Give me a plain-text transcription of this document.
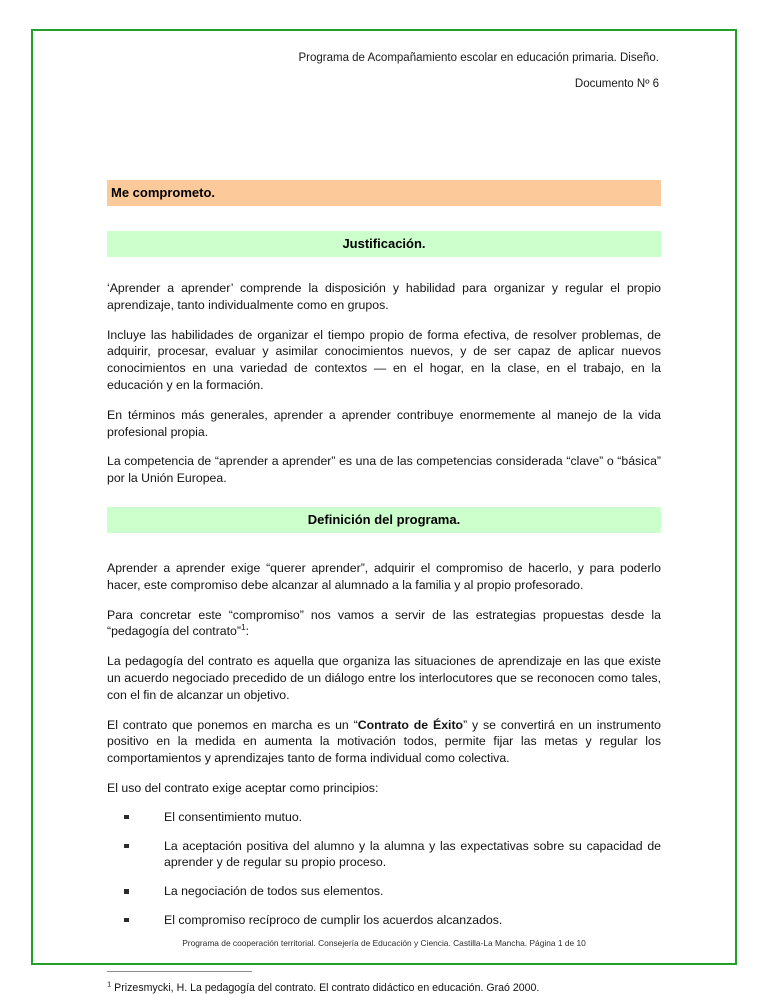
Programa de Acompañamiento escolar en educación primaria. Diseño.
Documento Nº 6
Me comprometo.
Justificación.

‘Aprender a aprender’ comprende la disposición y habilidad para organizar y regular el propio aprendizaje, tanto individualmente como en grupos.

Incluye las habilidades de organizar el tiempo propio de forma efectiva, de resolver problemas, de adquirir, procesar, evaluar y asimilar conocimientos nuevos, y de ser capaz de aplicar nuevos conocimientos en una variedad de contextos — en el hogar, en la clase, en el trabajo, en la educación y en la formación.

En términos más generales, aprender a aprender contribuye enormemente al manejo de la vida profesional propia.

La competencia de “aprender a aprender” es una de las competencias considerada “clave” o “básica” por la Unión Europea.

Definición del programa.

Aprender a aprender exige “querer aprender”, adquirir el compromiso de hacerlo, y para poderlo hacer, este compromiso debe alcanzar al alumnado a la familia y al propio profesorado.

Para concretar este “compromiso” nos vamos a servir de las estrategias propuestas desde la “pedagogía del contrato”$^1$:

La pedagogía del contrato es aquella que organiza las situaciones de aprendizaje en las que existe un acuerdo negociado precedido de un diálogo entre los interlocutores que se reconocen como tales, con el fin de alcanzar un objetivo.

El contrato que ponemos en marcha es un “Contrato de Éxito” y se convertirá en un instrumento positivo en la medida en aumenta la motivación todos, permite fijar las metas y regular los comportamientos y aprendizajes tanto de forma individual como colectiva.

El uso del contrato exige aceptar como principios:

El consentimiento mutuo.
La aceptación positiva del alumno y la alumna y las expectativas sobre su capacidad de aprender y de regular su propio proceso.
La negociación de todos sus elementos.
El compromiso recíproco de cumplir los acuerdos alcanzados.

$^1$ Prizesmycki, H. La pedagogía del contrato. El contrato didáctico en educación. Graó 2000.

Programa de cooperación territorial. Consejería de Educación y Ciencia. Castilla-La Mancha. Página 1 de 10
